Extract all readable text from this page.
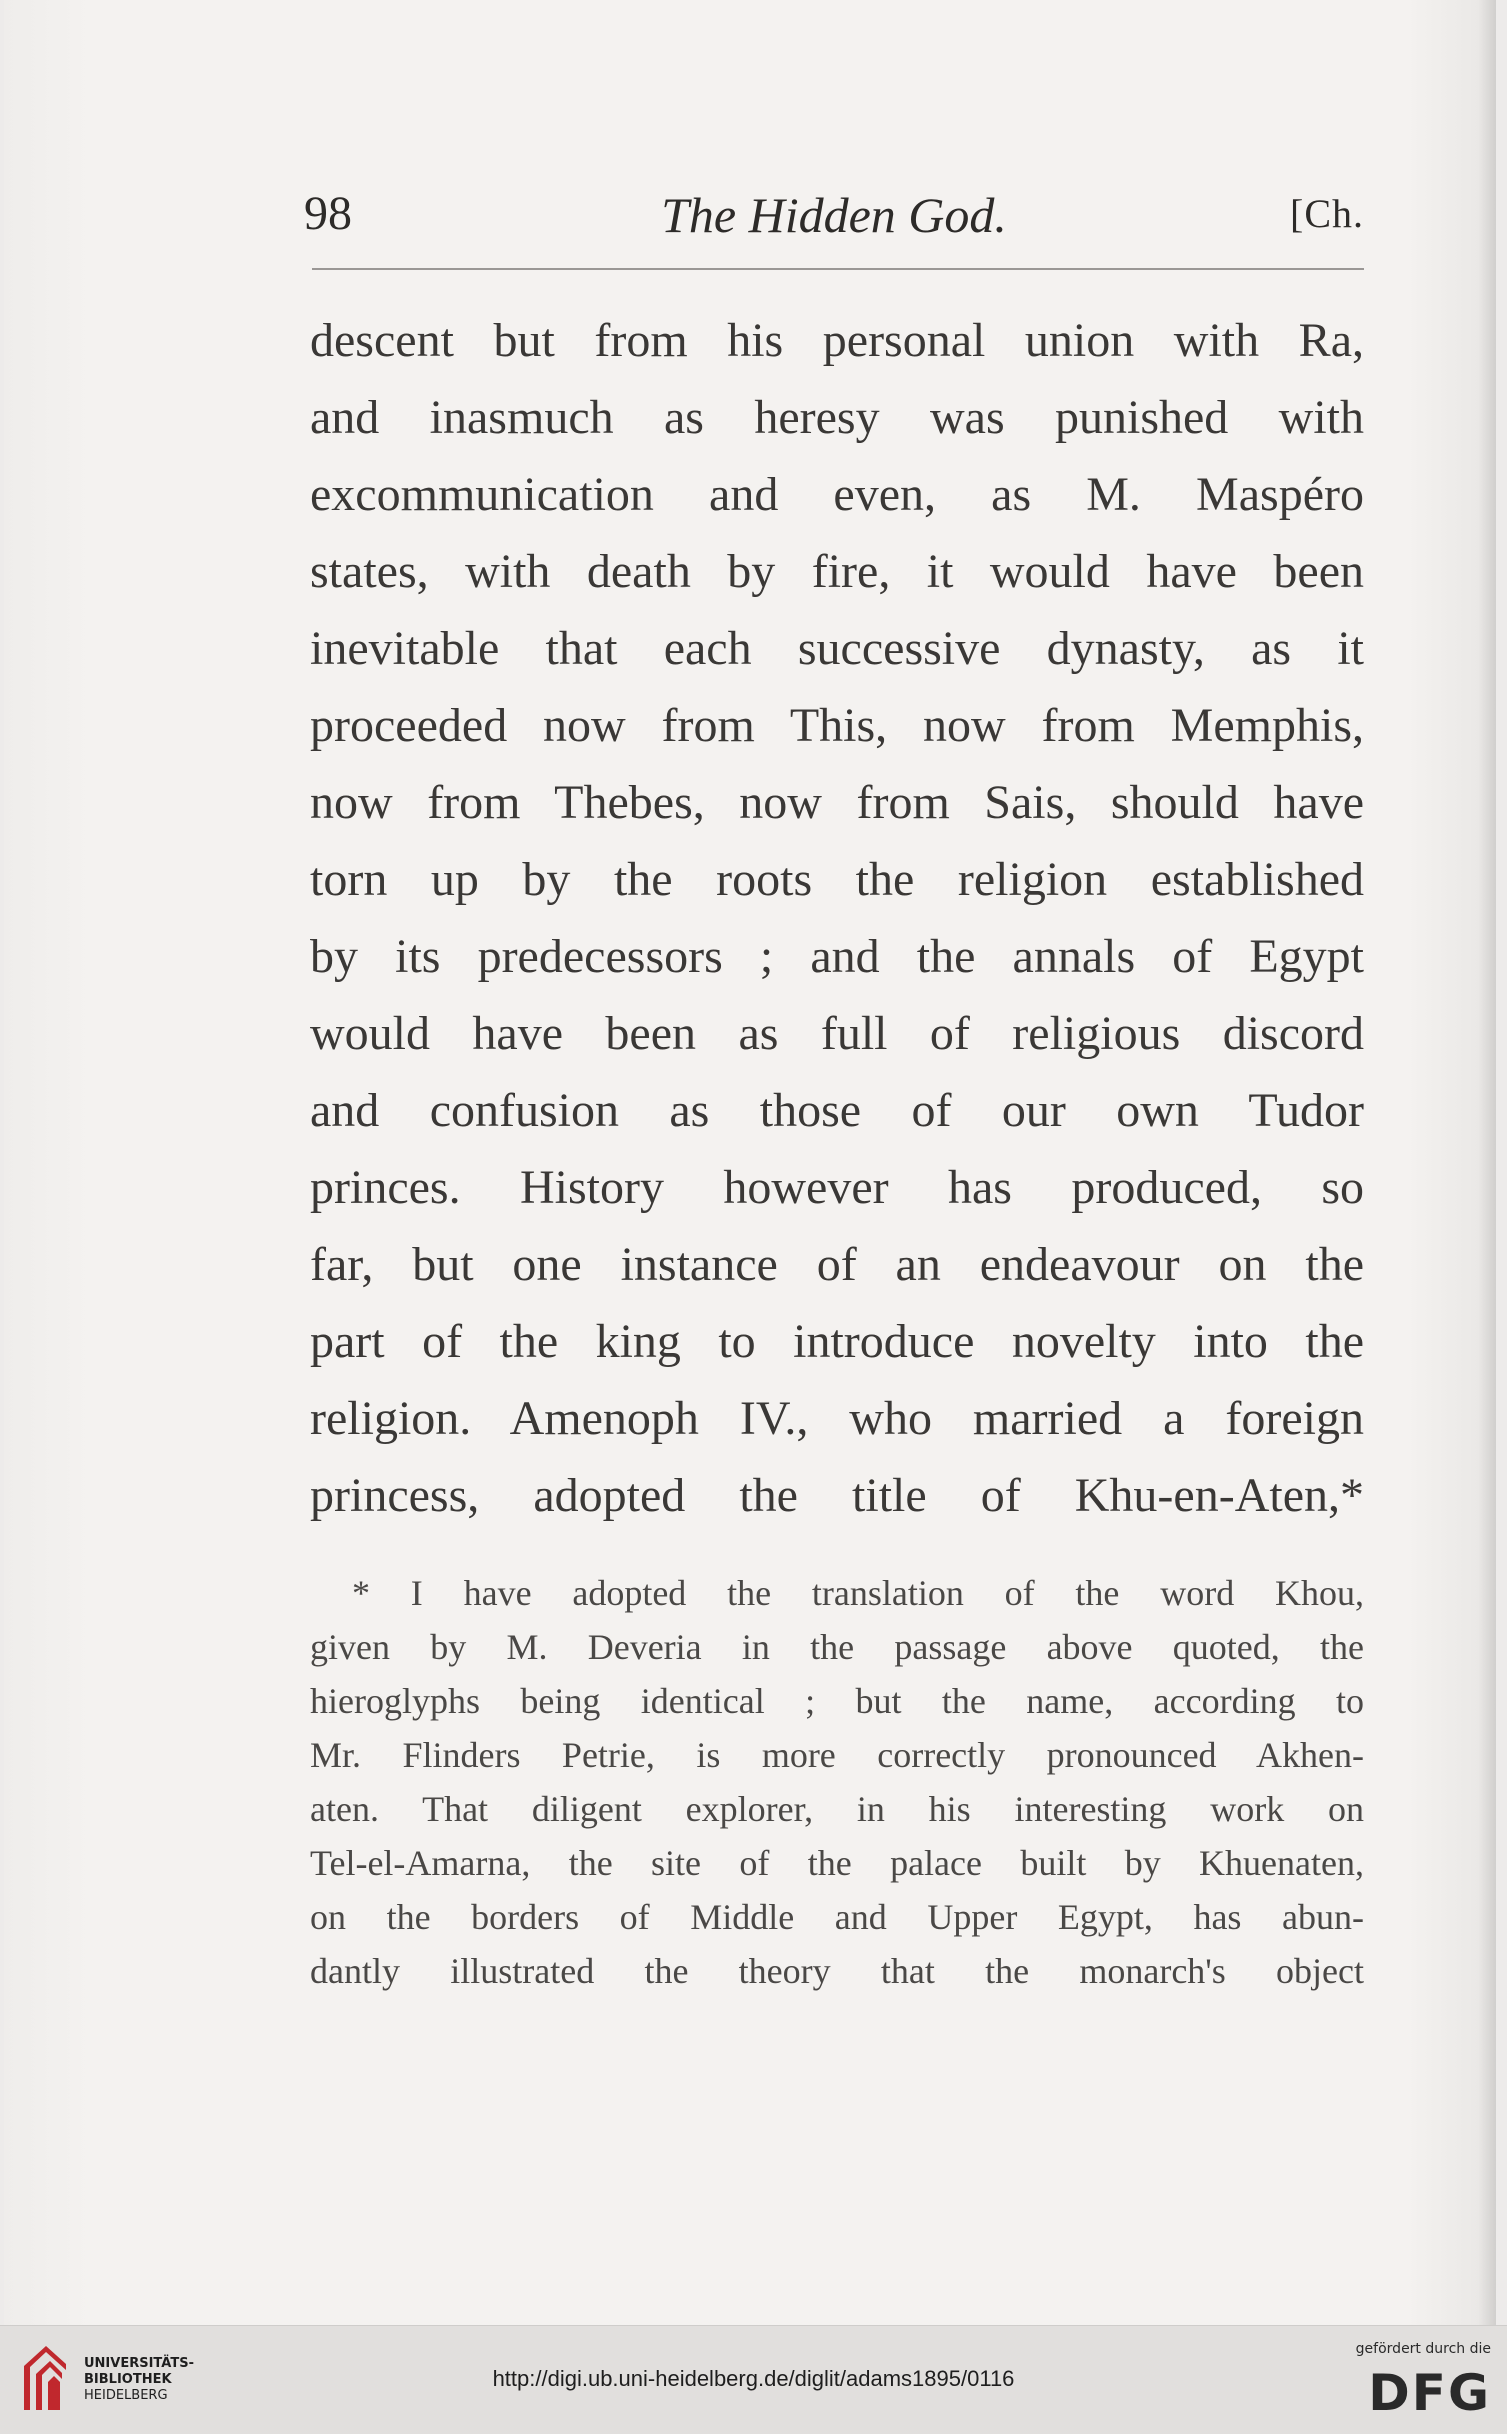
98	The Hidden God.	[Ch.
descent but from his personal union with Ra,
and inasmuch as heresy was punished with
excommunication and even, as M. Maspéro
states, with death by fire, it would have been
inevitable that each successive dynasty, as it
proceeded now from This, now from Memphis,
now from Thebes, now from Sais, should have
torn up by the roots the religion established
by its predecessors ; and the annals of Egypt
would have been as full of religious discord
and confusion as those of our own Tudor
princes. History however has produced, so
far, but one instance of an endeavour on the
part of the king to introduce novelty into the
religion. Amenoph IV., who married a foreign
princess, adopted the title of Khu-en-Aten,*
* I have adopted the translation of the word Khou,
given by M. Deveria in the passage above quoted, the
hieroglyphs being identical ; but the name, according to
Mr. Flinders Petrie, is more correctly pronounced Akhen-
aten. That diligent explorer, in his interesting work on
Tel-el-Amarna, the site of the palace built by Khuenaten,
on the borders of Middle and Upper Egypt, has abun-
dantly illustrated the theory that the monarch's object
UNIVERSITÄTS-
BIBLIOTHEK
HEIDELBERG
http://digi.ub.uni-heidelberg.de/diglit/adams1895/0116
gefördert durch die
DFG
